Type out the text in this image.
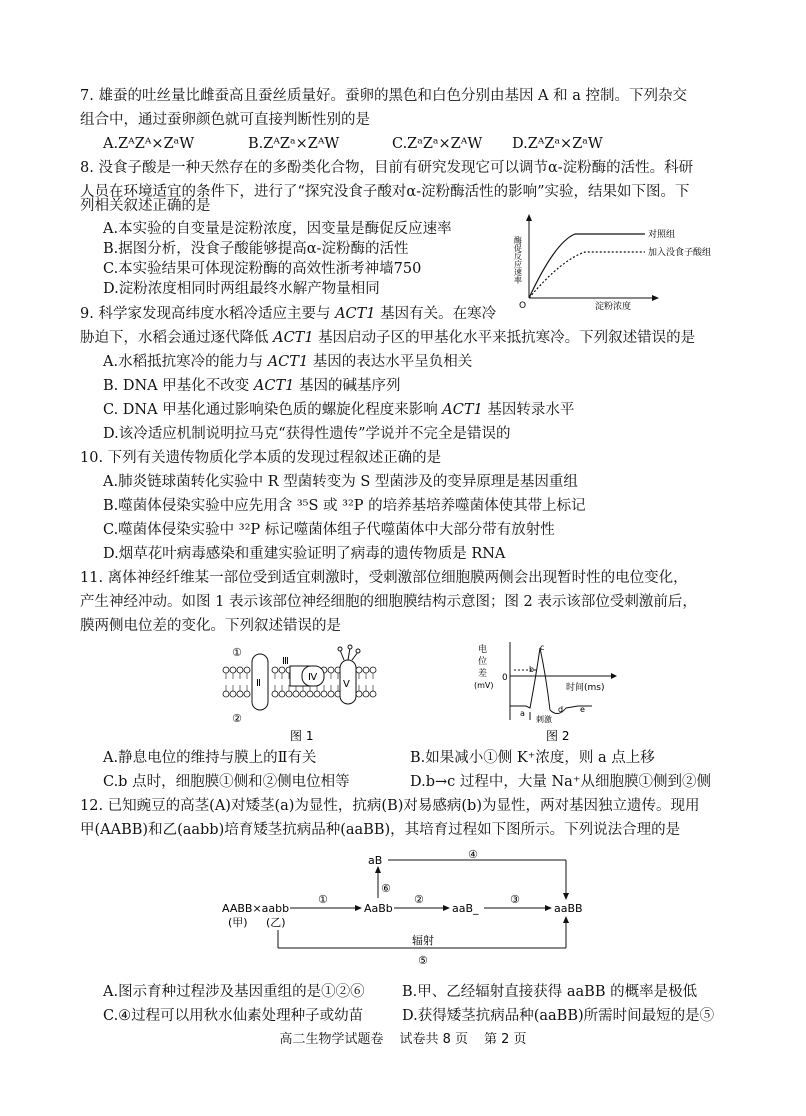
7. 雄蚕的吐丝量比雌蚕高且蚕丝质量好。蚕卵的黑色和白色分别由基因 A 和 a 控制。下列杂交
组合中，通过蚕卵颜色就可直接判断性别的是
A.ZᴬZᴬ×ZᵃW	B.ZᴬZᵃ×ZᴬW	C.ZᵃZᵃ×ZᴬW D.ZᴬZᵃ×ZᵃW
8. 没食子酸是一种天然存在的多酚类化合物，目前有研究发现它可以调节α-淀粉酶的活性。科研
人员在环境适宜的条件下，进行了“探究没食子酸对α-淀粉酶活性的影响”实验，结果如下图。下
列相关叙述正确的是
A.本实验的自变量是淀粉浓度，因变量是酶促反应速率
B.据图分析，没食子酸能够提高α-淀粉酶的活性
C.本实验结果可体现淀粉酶的高效性浙考神墙750
D.淀粉浓度相同时两组最终水解产物量相同
酶促反应速率
对照组
加入没食子酸组
O	淀粉浓度
9. 科学家发现高纬度水稻冷适应主要与 ACT1 基因有关。在寒冷
胁迫下，水稻会通过逐代降低 ACT1 基因启动子区的甲基化水平来抵抗寒冷。下列叙述错误的是
A.水稻抵抗寒冷的能力与 ACT1 基因的表达水平呈负相关
B. DNA 甲基化不改变 ACT1 基因的碱基序列
C. DNA 甲基化通过影响染色质的螺旋化程度来影响 ACT1 基因转录水平
D.该冷适应机制说明拉马克“获得性遗传”学说并不完全是错误的
10. 下列有关遗传物质化学本质的发现过程叙述正确的是
A.肺炎链球菌转化实验中 R 型菌转变为 S 型菌涉及的变异原理是基因重组
B.噬菌体侵染实验中应先用含 ³⁵S 或 ³²P 的培养基培养噬菌体使其带上标记
C.噬菌体侵染实验中 ³²P 标记噬菌体组子代噬菌体中大部分带有放射性
D.烟草花叶病毒感染和重建实验证明了病毒的遗传物质是 RNA
11. 离体神经纤维某一部位受到适宜刺激时，受刺激部位细胞膜两侧会出现暂时性的电位变化，
产生神经冲动。如图 1 表示该部位神经细胞的细胞膜结构示意图；图 2 表示该部位受刺激前后，
膜两侧电位差的变化。下列叙述错误的是
①
②
Ⅱ
Ⅲ
Ⅳ
Ⅴ
图 1
电
位
差
(mV)
0
a
b
c
d e
刺激
时间(ms)
图 2
A.静息电位的维持与膜上的Ⅱ有关	B.如果减小①侧 K⁺浓度，则 a 点上移
C.b 点时，细胞膜①侧和②侧电位相等	D.b→c 过程中，大量 Na⁺从细胞膜①侧到②侧
12. 已知豌豆的高茎(A)对矮茎(a)为显性，抗病(B)对易感病(b)为显性，两对基因独立遗传。现用
甲(AABB)和乙(aabb)培育矮茎抗病品种(aaBB)，其培育过程如下图所示。下列说法合理的是
AABB×aabb
(甲) (乙)
①
AaBb
②
aaB_
③
aaBB
⑥
aB	④
辐射
⑤
A.图示育种过程涉及基因重组的是①②⑥	B.甲、乙经辐射直接获得 aaBB 的概率是极低
C.④过程可以用秋水仙素处理种子或幼苗	D.获得矮茎抗病品种(aaBB)所需时间最短的是⑤
高二生物学试题卷 试卷共 8 页 第 2 页
